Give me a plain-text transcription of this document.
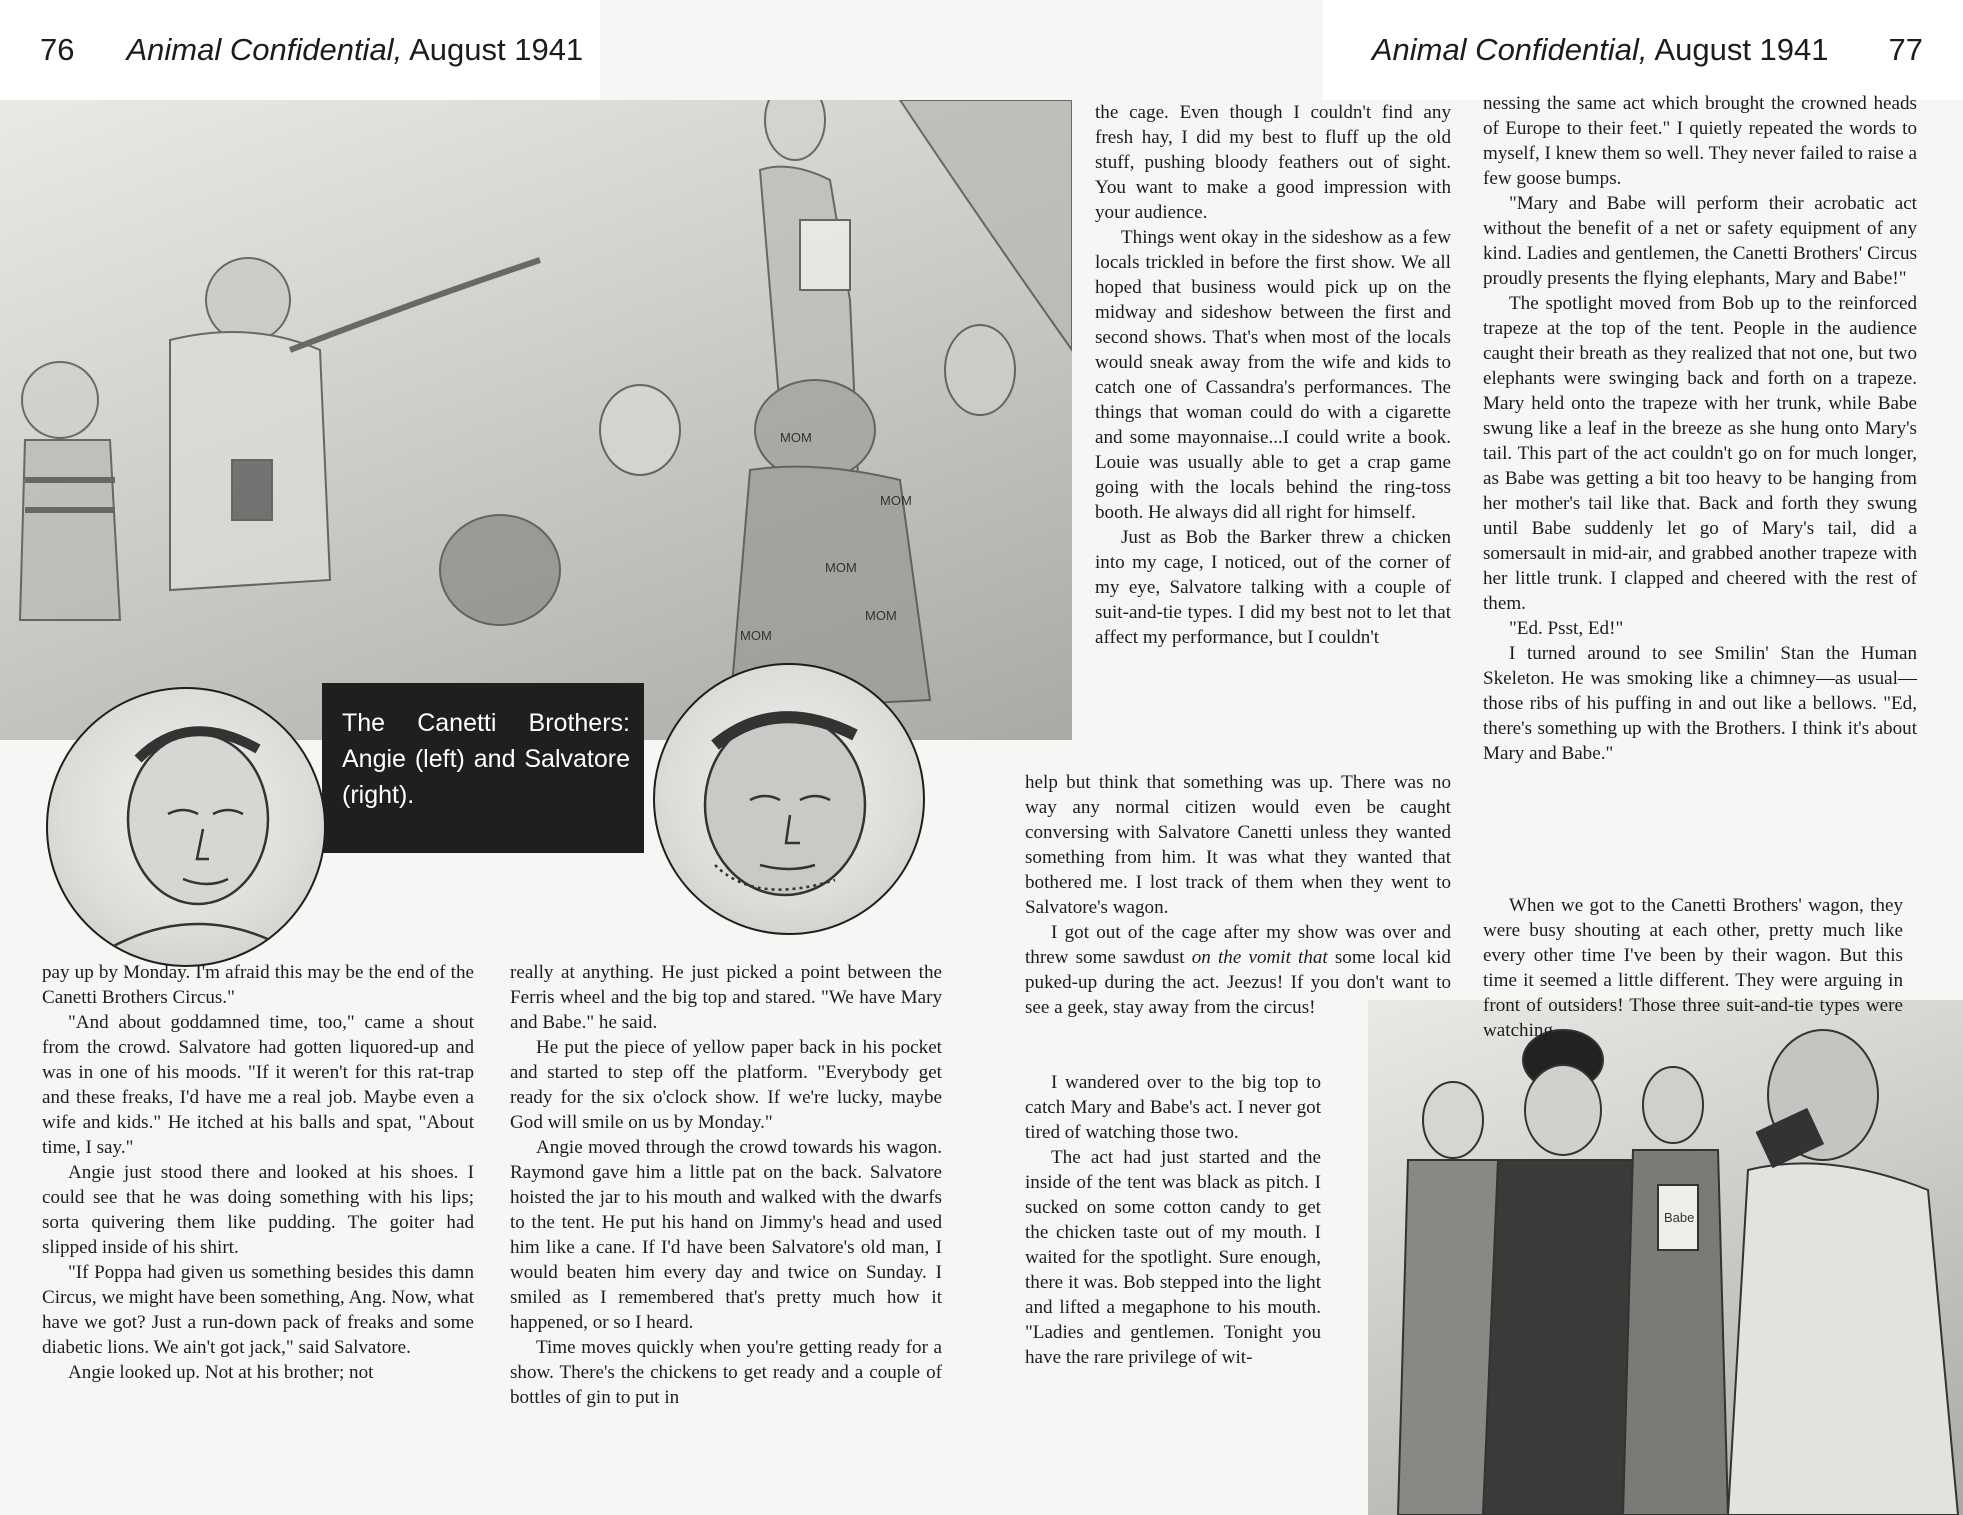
76 Animal Confidential, August 1941	Animal Confidential, August 1941 77
MOM
MOM
MOM
MOM
MOM
The Canetti Brothers: Angie (left) and Salvatore (right).
Babe

pay up by Monday. I'm afraid this may be the end of the Canetti Brothers Circus."

"And about goddamned time, too," came a shout from the crowd. Salvatore had gotten liquored-up and was in one of his moods. "If it weren't for this rat-trap and these freaks, I'd have me a real job. Maybe even a wife and kids." He itched at his balls and spat, "About time, I say."

Angie just stood there and looked at his shoes. I could see that he was doing something with his lips; sorta quivering them like pudding. The goiter had slipped inside of his shirt.

"If Poppa had given us something besides this damn Circus, we might have been something, Ang. Now, what have we got? Just a run-down pack of freaks and some diabetic lions. We ain't got jack," said Salvatore.

Angie looked up. Not at his brother; not

really at anything. He just picked a point between the Ferris wheel and the big top and stared. "We have Mary and Babe." he said.

He put the piece of yellow paper back in his pocket and started to step off the platform. "Everybody get ready for the six o'clock show. If we're lucky, maybe God will smile on us by Monday."

Angie moved through the crowd towards his wagon. Raymond gave him a little pat on the back. Salvatore hoisted the jar to his mouth and walked with the dwarfs to the tent. He put his hand on Jimmy's head and used him like a cane. If I'd have been Salvatore's old man, I would beaten him every day and twice on Sunday. I smiled as I remembered that's pretty much how it happened, or so I heard.

Time moves quickly when you're getting ready for a show. There's the chickens to get ready and a couple of bottles of gin to put in

the cage. Even though I couldn't find any fresh hay, I did my best to fluff up the old stuff, pushing bloody feathers out of sight. You want to make a good impression with your audience.

Things went okay in the sideshow as a few locals trickled in before the first show. We all hoped that business would pick up on the midway and sideshow between the first and second shows. That's when most of the locals would sneak away from the wife and kids to catch one of Cassandra's performances. The things that woman could do with a cigarette and some mayonnaise...I could write a book. Louie was usually able to get a crap game going with the locals behind the ring-toss booth. He always did all right for himself.

Just as Bob the Barker threw a chicken into my cage, I noticed, out of the corner of my eye, Salvatore talking with a couple of suit-and-tie types. I did my best not to let that affect my performance, but I couldn't

help but think that something was up. There was no way any normal citizen would even be caught conversing with Salvatore Canetti unless they wanted something from him. It was what they wanted that bothered me. I lost track of them when they went to Salvatore's wagon.

I got out of the cage after my show was over and threw some sawdust on the vomit that some local kid puked-up during the act. Jeezus! If you don't want to see a geek, stay away from the circus!

I wandered over to the big top to catch Mary and Babe's act. I never got tired of watching those two.

The act had just started and the inside of the tent was black as pitch. I sucked on some cotton candy to get the chicken taste out of my mouth. I waited for the spotlight. Sure enough, there it was. Bob stepped into the light and lifted a megaphone to his mouth. "Ladies and gentlemen. Tonight you have the rare privilege of wit-

nessing the same act which brought the crowned heads of Europe to their feet." I quietly repeated the words to myself, I knew them so well. They never failed to raise a few goose bumps.

"Mary and Babe will perform their acrobatic act without the benefit of a net or safety equipment of any kind. Ladies and gentlemen, the Canetti Brothers' Circus proudly presents the flying elephants, Mary and Babe!"

The spotlight moved from Bob up to the reinforced trapeze at the top of the tent. People in the audience caught their breath as they realized that not one, but two elephants were swinging back and forth on a trapeze. Mary held onto the trapeze with her trunk, while Babe swung like a leaf in the breeze as she hung onto Mary's tail. This part of the act couldn't go on for much longer, as Babe was getting a bit too heavy to be hanging from her mother's tail like that. Back and forth they swung until Babe suddenly let go of Mary's tail, did a somersault in mid-air, and grabbed another trapeze with her little trunk. I clapped and cheered with the rest of them.

"Ed. Psst, Ed!"

I turned around to see Smilin' Stan the Human Skeleton. He was smoking like a chimney—as usual—those ribs of his puffing in and out like a bellows. "Ed, there's something up with the Brothers. I think it's about Mary and Babe."

When we got to the Canetti Brothers' wagon, they were busy shouting at each other, pretty much like every other time I've been by their wagon. But this time it seemed a little different. They were arguing in front of outsiders! Those three suit-and-tie types were watching
